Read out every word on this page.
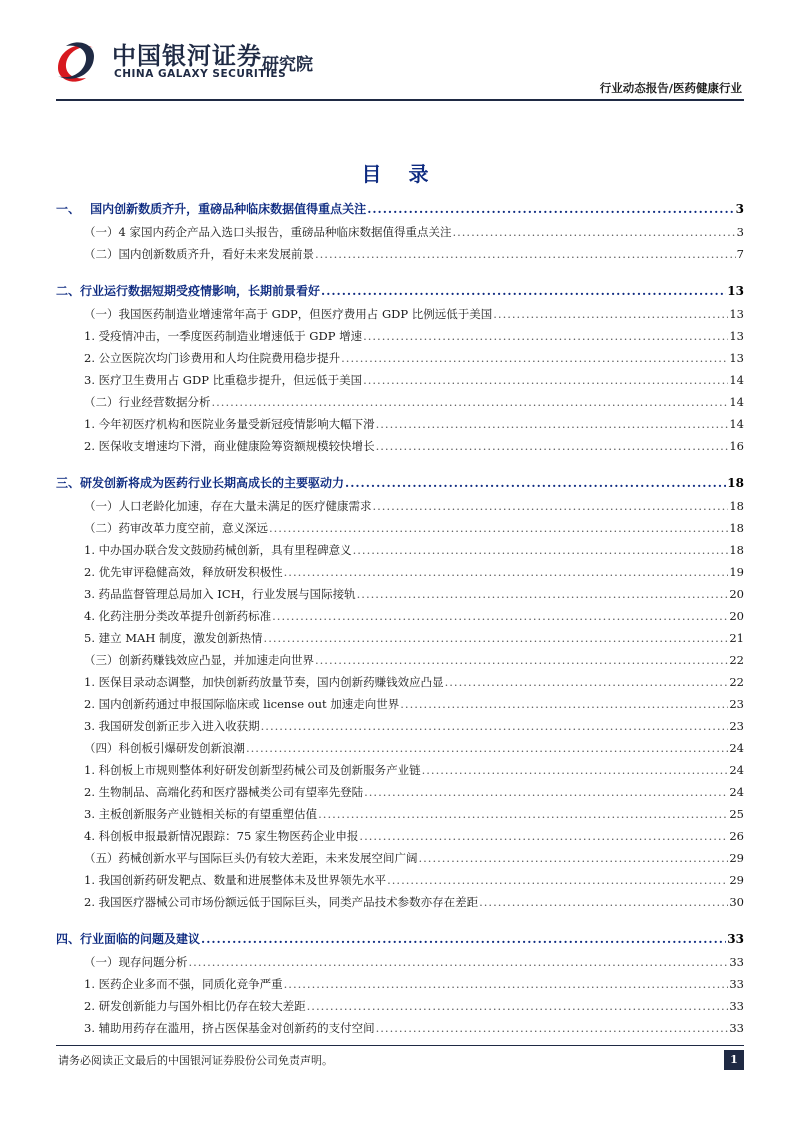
中国银河证券
CHINA GALAXY SECURITIES
研究院
行业动态报告/医药健康行业
目 录
一、　 国内创新数质齐升，重磅品种临床数据值得重点关注 .....	3
（一）4 家国内药企产品入选口头报告，重磅品种临床数据值得重点关注 .....	3
（二）国内创新数质齐升，看好未来发展前景 .....	7
二、行业运行数据短期受疫情影响，长期前景看好 .....	13
（一）我国医药制造业增速常年高于 GDP，但医疗费用占 GDP 比例远低于美国 .....	13
1. 受疫情冲击，一季度医药制造业增速低于 GDP 增速 .....	13
2. 公立医院次均门诊费用和人均住院费用稳步提升 .....	13
3. 医疗卫生费用占 GDP 比重稳步提升，但远低于美国 .....	14
（二）行业经营数据分析 .....	14
1. 今年初医疗机构和医院业务量受新冠疫情影响大幅下滑 .....	14
2. 医保收支增速均下滑，商业健康险筹资额规模较快增长 .....	16
三、研发创新将成为医药行业长期高成长的主要驱动力 .....	18
（一）人口老龄化加速，存在大量未满足的医疗健康需求 .....	18
（二）药审改革力度空前，意义深远 .....	18
1. 中办国办联合发文鼓励药械创新，具有里程碑意义 .....	18
2. 优先审评稳健高效，释放研发积极性 .....	19
3. 药品监督管理总局加入 ICH，行业发展与国际接轨 .....	20
4. 化药注册分类改革提升创新药标准 .....	20
5. 建立 MAH 制度，激发创新热情 .....	21
（三）创新药赚钱效应凸显，并加速走向世界 .....	22
1. 医保目录动态调整，加快创新药放量节奏，国内创新药赚钱效应凸显 .....	22
2. 国内创新药通过申报国际临床或 license out 加速走向世界 .....	23
3. 我国研发创新正步入进入收获期 .....	23
（四）科创板引爆研发创新浪潮 .....	24
1. 科创板上市规则整体利好研发创新型药械公司及创新服务产业链 .....	24
2. 生物制品、高端化药和医疗器械类公司有望率先登陆 .....	24
3. 主板创新服务产业链相关标的有望重塑估值 .....	25
4. 科创板申报最新情况跟踪：75 家生物医药企业申报 .....	26
（五）药械创新水平与国际巨头仍有较大差距，未来发展空间广阔 .....	29
1. 我国创新药研发靶点、数量和进展整体未及世界领先水平 .....	29
2. 我国医疗器械公司市场份额远低于国际巨头，同类产品技术参数亦存在差距 .....	30
四、行业面临的问题及建议 .....	33
（一）现存问题分析 .....	33
1. 医药企业多而不强，同质化竞争严重 .....	33
2. 研发创新能力与国外相比仍存在较大差距 .....	33
3. 辅助用药存在滥用，挤占医保基金对创新药的支付空间 .....	33
请务必阅读正文最后的中国银河证券股份公司免责声明。	1
